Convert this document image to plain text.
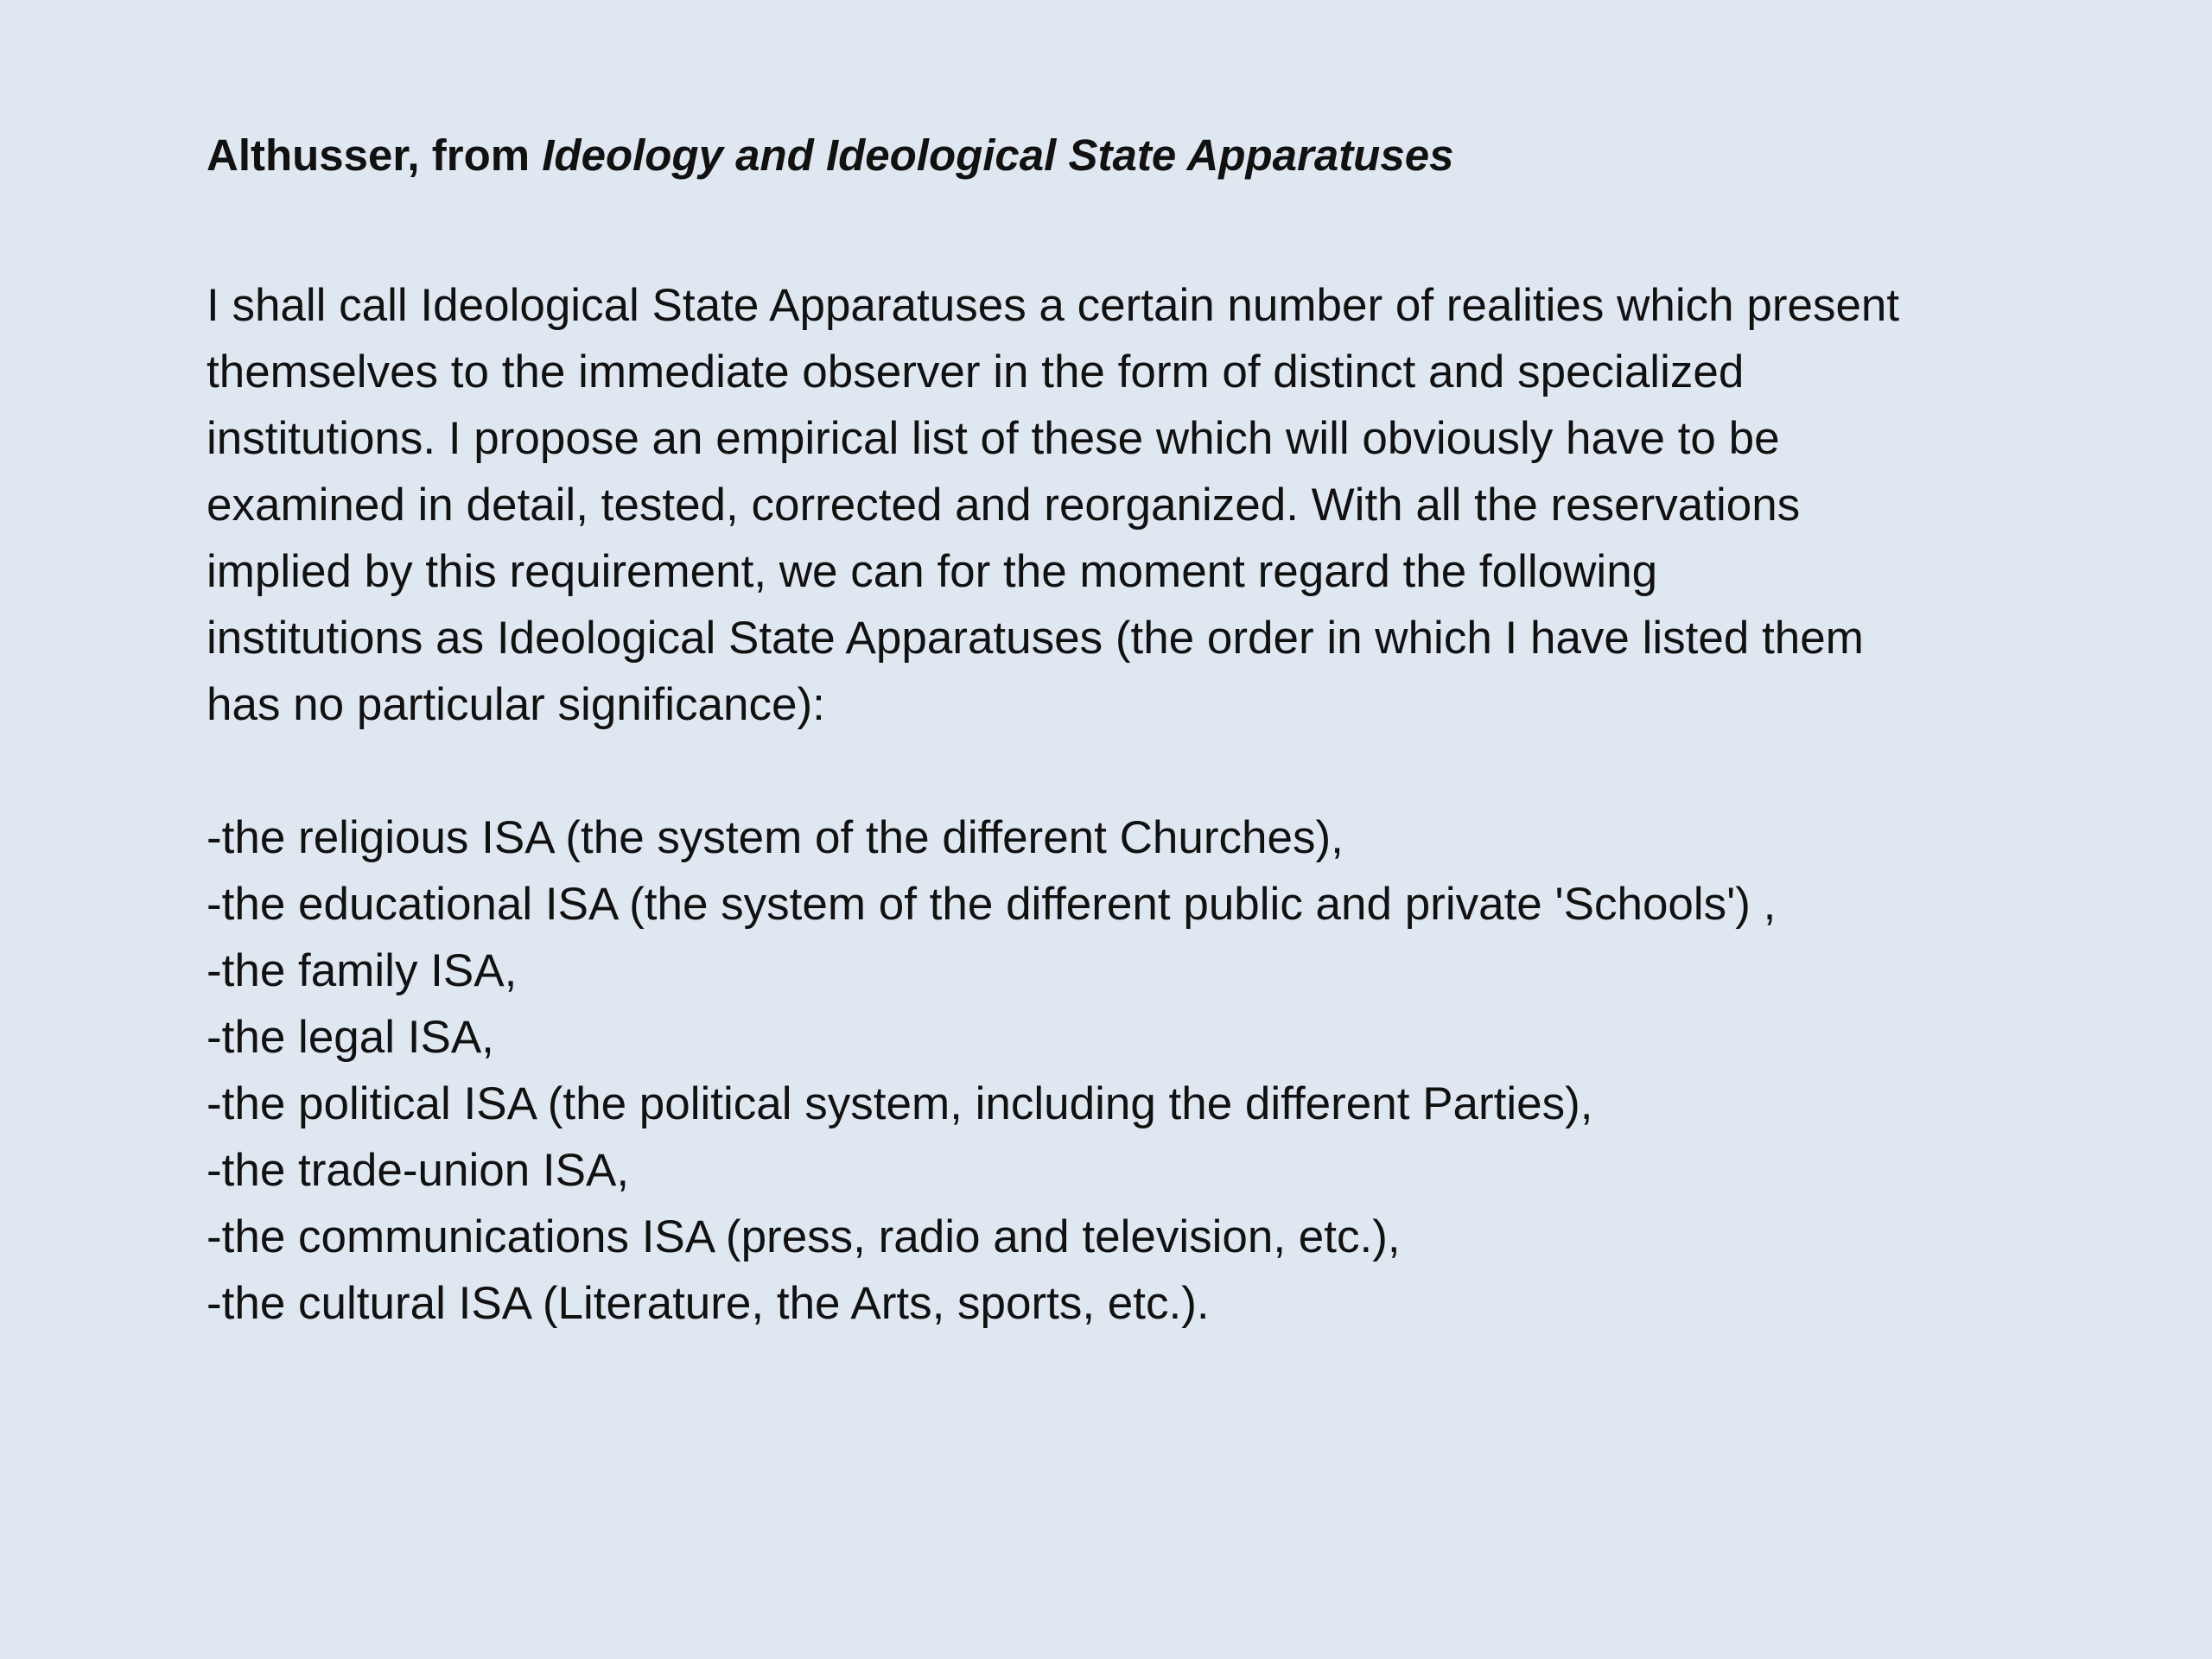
Althusser, from Ideology and Ideological State Apparatuses

I shall call Ideological State Apparatuses a certain number of realities which present
themselves to the immediate observer in the form of distinct and specialized
institutions. I propose an empirical list of these which will obviously have to be
examined in detail, tested, corrected and reorganized. With all the reservations
implied by this requirement, we can for the moment regard the following
institutions as Ideological State Apparatuses (the order in which I have listed them
has no particular significance):

-the religious ISA (the system of the different Churches),
-the educational ISA (the system of the different public and private 'Schools') ,
-the family ISA,
-the legal ISA,
-the political ISA (the political system, including the different Parties),
-the trade-union ISA,
-the communications ISA (press, radio and television, etc.),
-the cultural ISA (Literature, the Arts, sports, etc.).
